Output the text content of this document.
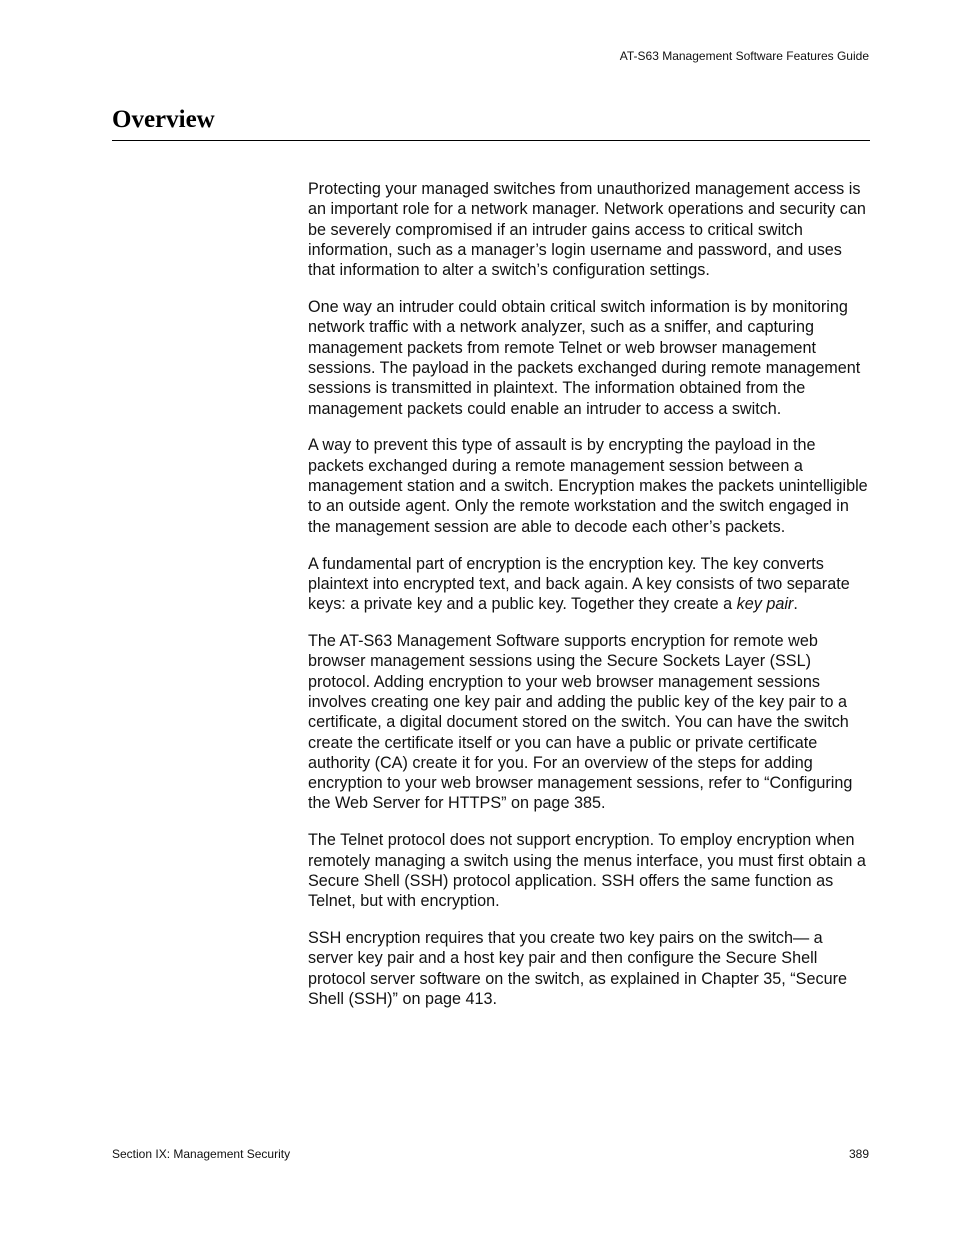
AT-S63 Management Software Features Guide
Overview

Protecting your managed switches from unauthorized management access is an important role for a network manager. Network operations and security can be severely compromised if an intruder gains access to critical switch information, such as a manager’s login username and password, and uses that information to alter a switch’s configuration settings.

One way an intruder could obtain critical switch information is by monitoring network traffic with a network analyzer, such as a sniffer, and capturing management packets from remote Telnet or web browser management sessions. The payload in the packets exchanged during remote management sessions is transmitted in plaintext. The information obtained from the management packets could enable an intruder to access a switch.

A way to prevent this type of assault is by encrypting the payload in the packets exchanged during a remote management session between a management station and a switch. Encryption makes the packets unintelligible to an outside agent. Only the remote workstation and the switch engaged in the management session are able to decode each other’s packets.

A fundamental part of encryption is the encryption key. The key converts plaintext into encrypted text, and back again. A key consists of two separate keys: a private key and a public key. Together they create a key pair.

The AT-S63 Management Software supports encryption for remote web browser management sessions using the Secure Sockets Layer (SSL) protocol. Adding encryption to your web browser management sessions involves creating one key pair and adding the public key of the key pair to a certificate, a digital document stored on the switch. You can have the switch create the certificate itself or you can have a public or private certificate authority (CA) create it for you. For an overview of the steps for adding encryption to your web browser management sessions, refer to “Configuring the Web Server for HTTPS” on page 385.

The Telnet protocol does not support encryption. To employ encryption when remotely managing a switch using the menus interface, you must first obtain a Secure Shell (SSH) protocol application. SSH offers the same function as Telnet, but with encryption.

SSH encryption requires that you create two key pairs on the switch— a server key pair and a host key pair and then configure the Secure Shell protocol server software on the switch, as explained in Chapter 35, “Secure Shell (SSH)” on page 413.

Section IX: Management Security	389
